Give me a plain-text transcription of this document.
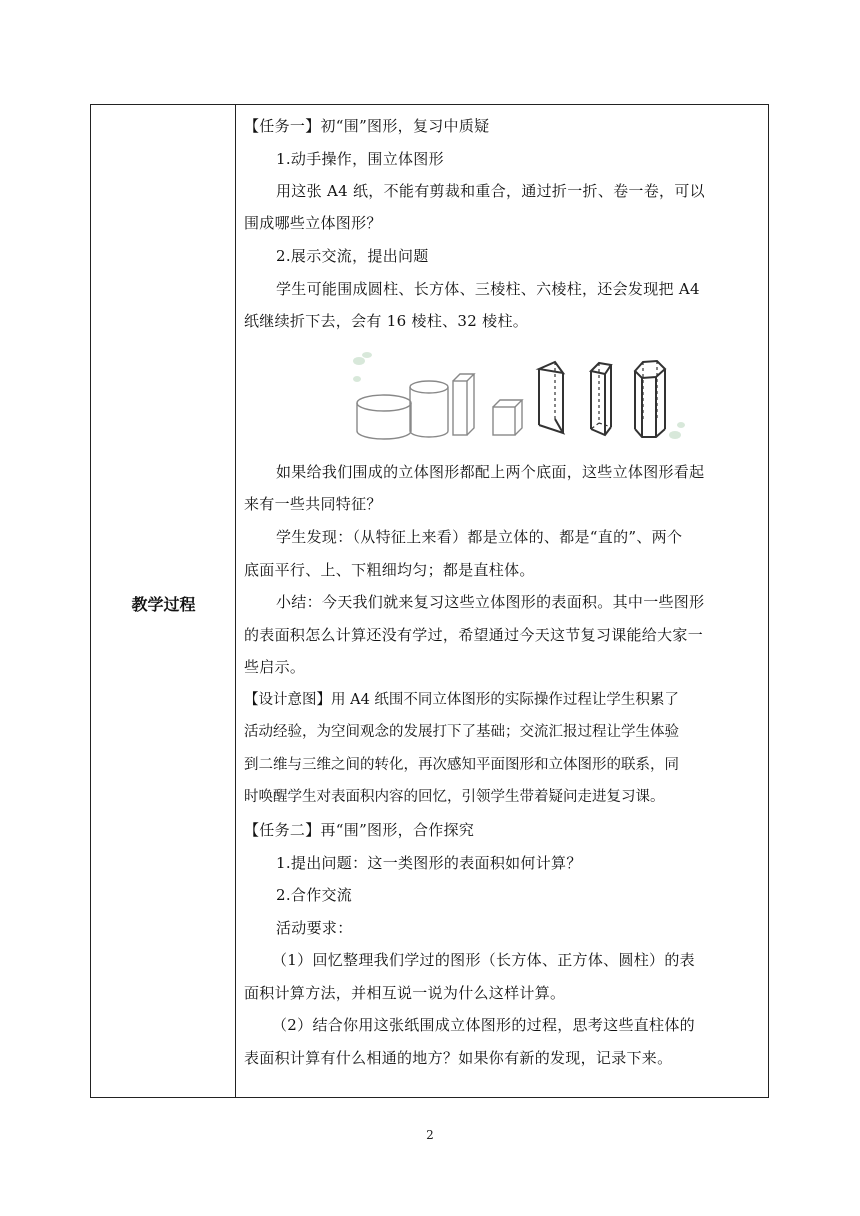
教学过程
【任务一】初“围”图形，复习中质疑
1.动手操作，围立体图形
用这张 A4 纸，不能有剪裁和重合，通过折一折、卷一卷，可以
围成哪些立体图形？
2.展示交流，提出问题
学生可能围成圆柱、长方体、三棱柱、六棱柱，还会发现把 A4
纸继续折下去，会有 16 棱柱、32 棱柱。
如果给我们围成的立体图形都配上两个底面，这些立体图形看起
来有一些共同特征？
学生发现：（从特征上来看）都是立体的、都是“直的”、两个
底面平行、上、下粗细均匀；都是直柱体。
小结：今天我们就来复习这些立体图形的表面积。其中一些图形
的表面积怎么计算还没有学过，希望通过今天这节复习课能给大家一
些启示。
【设计意图】用 A4 纸围不同立体图形的实际操作过程让学生积累了
活动经验，为空间观念的发展打下了基础；交流汇报过程让学生体验
到二维与三维之间的转化，再次感知平面图形和立体图形的联系，同
时唤醒学生对表面积内容的回忆，引领学生带着疑问走进复习课。
【任务二】再“围”图形，合作探究
1.提出问题：这一类图形的表面积如何计算？
2.合作交流
活动要求：
（1）回忆整理我们学过的图形（长方体、正方体、圆柱）的表
面积计算方法，并相互说一说为什么这样计算。
（2）结合你用这张纸围成立体图形的过程，思考这些直柱体的
表面积计算有什么相通的地方？如果你有新的发现，记录下来。
2
